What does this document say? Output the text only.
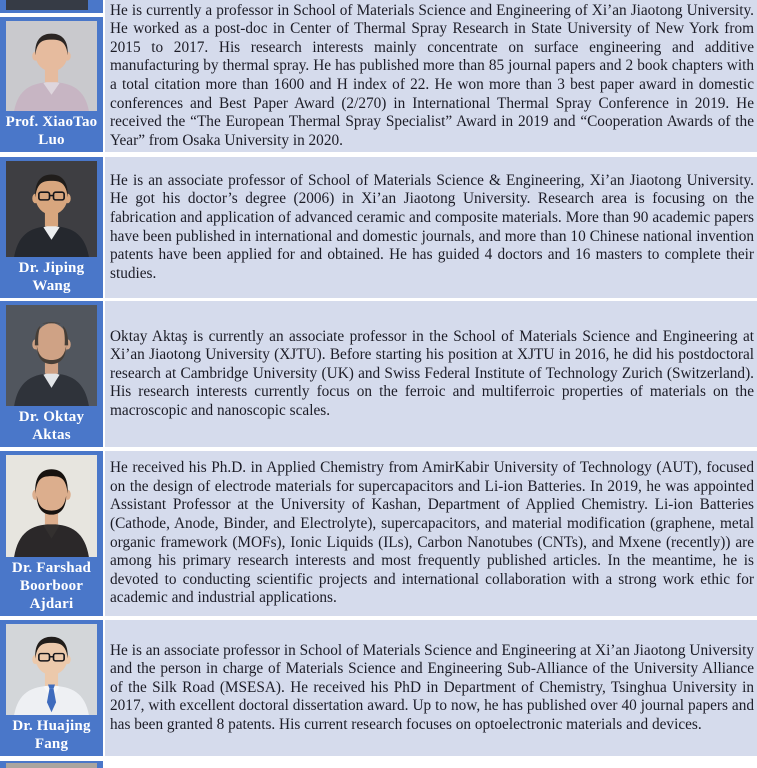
Prof. XiaoTao
Luo
Dr. Jiping
Wang
Dr. Oktay
Aktas
Dr. Farshad
Boorboor
Ajdari
Dr. Huajing
Fang

He is currently a professor in School of Materials Science and Engineering of Xi’an Jiaotong University. He worked as a post-doc in Center of Thermal Spray Research in State University of New York from 2015 to 2017. His research interests mainly concentrate on surface engineering and additive manufacturing by thermal spray. He has published more than 85 journal papers and 2 book chapters with a total citation more than 1600 and H index of 22. He won more than 3 best paper award in domestic conferences and Best Paper Award (2/270) in International Thermal Spray Conference in 2019. He received the “The European Thermal Spray Specialist” Award in 2019 and “Cooperation Awards of the Year” from Osaka University in 2020.

He is an associate professor of School of Materials Science & Engineering, Xi’an Jiaotong University. He got his doctor’s degree (2006) in Xi’an Jiaotong University. Research area is focusing on the fabrication and application of advanced ceramic and composite materials. More than 90 academic papers have been published in international and domestic journals, and more than 10 Chinese national invention patents have been applied for and obtained. He has guided 4 doctors and 16 masters to complete their studies.

Oktay Aktaş is currently an associate professor in the School of Materials Science and Engineering at Xi’an Jiaotong University (XJTU). Before starting his position at XJTU in 2016, he did his postdoctoral research at Cambridge University (UK) and Swiss Federal Institute of Technology Zurich (Switzerland). His research interests currently focus on the ferroic and multiferroic properties of materials on the macroscopic and nanoscopic scales.

He received his Ph.D. in Applied Chemistry from AmirKabir University of Technology (AUT), focused on the design of electrode materials for supercapacitors and Li-ion Batteries. In 2019, he was appointed Assistant Professor at the University of Kashan, Department of Applied Chemistry. Li-ion Batteries (Cathode, Anode, Binder, and Electrolyte), supercapacitors, and material modification (graphene, metal organic framework (MOFs), Ionic Liquids (ILs), Carbon Nanotubes (CNTs), and Mxene (recently)) are among his primary research interests and most frequently published articles. In the meantime, he is devoted to conducting scientific projects and international collaboration with a strong work ethic for academic and industrial applications.

He is an associate professor in School of Materials Science and Engineering at Xi’an Jiaotong University and the person in charge of Materials Science and Engineering Sub-Alliance of the University Alliance of the Silk Road (MSESA). He received his PhD in Department of Chemistry, Tsinghua University in 2017, with excellent doctoral dissertation award. Up to now, he has published over 40 journal papers and has been granted 8 patents. His current research focuses on optoelectronic materials and devices.
